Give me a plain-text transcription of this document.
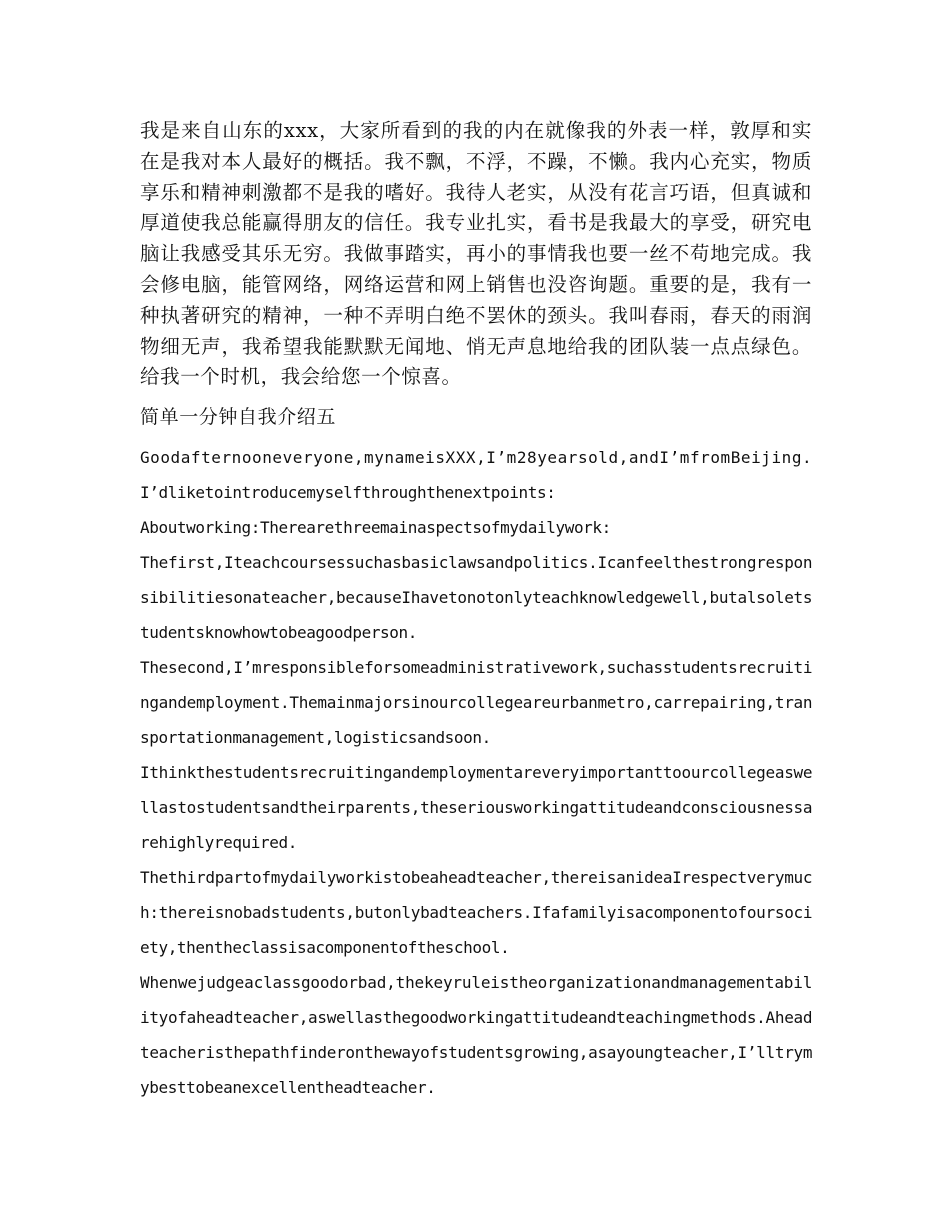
我是来自山东的xxx，大家所看到的我的内在就像我的外表一样，敦厚和实在是我对本人最好的概括。我不飘，不浮，不躁，不懒。我内心充实，物质享乐和精神刺激都不是我的嗜好。我待人老实，从没有花言巧语，但真诚和厚道使我总能赢得朋友的信任。我专业扎实，看书是我最大的享受，研究电脑让我感受其乐无穷。我做事踏实，再小的事情我也要一丝不苟地完成。我会修电脑，能管网络，网络运营和网上销售也没咨询题。重要的是，我有一种执著研究的精神，一种不弄明白绝不罢休的颈头。我叫春雨，春天的雨润物细无声，我希望我能默默无闻地、悄无声息地给我的团队装一点点绿色。给我一个时机，我会给您一个惊喜。

简单一分钟自我介绍五

Goodafternooneveryone,mynameisXXX,I’m28yearsold,andI’mfromBeijing.

I’dliketointroducemyselfthroughthenextpoints:

Aboutworking:Therearethreemainaspectsofmydailywork:

Thefirst,Iteachcoursessuchasbasiclawsandpolitics.Icanfeelthestrongrespon

sibilitiesonateacher,becauseIhavetonotonlyteachknowledgewell,butalsolets

tudentsknowhowtobeagoodperson.

Thesecond,I’mresponsibleforsomeadministrativework,suchasstudentsrecruiti

ngandemployment.Themainmajorsinourcollegeareurbanmetro,carrepairing,tran

sportationmanagement,logisticsandsoon.

Ithinkthestudentsrecruitingandemploymentareveryimportanttoourcollegeaswe

llastostudentsandtheirparents,theseriousworkingattitudeandconsciousnessa

rehighlyrequired.

Thethirdpartofmydailyworkistobeaheadteacher,thereisanideaIrespectverymuc

h:thereisnobadstudents,butonlybadteachers.Ifafamilyisacomponentofoursoci

ety,thentheclassisacomponentoftheschool.

Whenwejudgeaclassgoodorbad,thekeyruleistheorganizationandmanagementabil

ityofaheadteacher,aswellasthegoodworkingattitudeandteachingmethods.Ahead

teacheristhepathfinderonthewayofstudentsgrowing,asayoungteacher,I’lltrym

ybesttobeanexcellentheadteacher.
